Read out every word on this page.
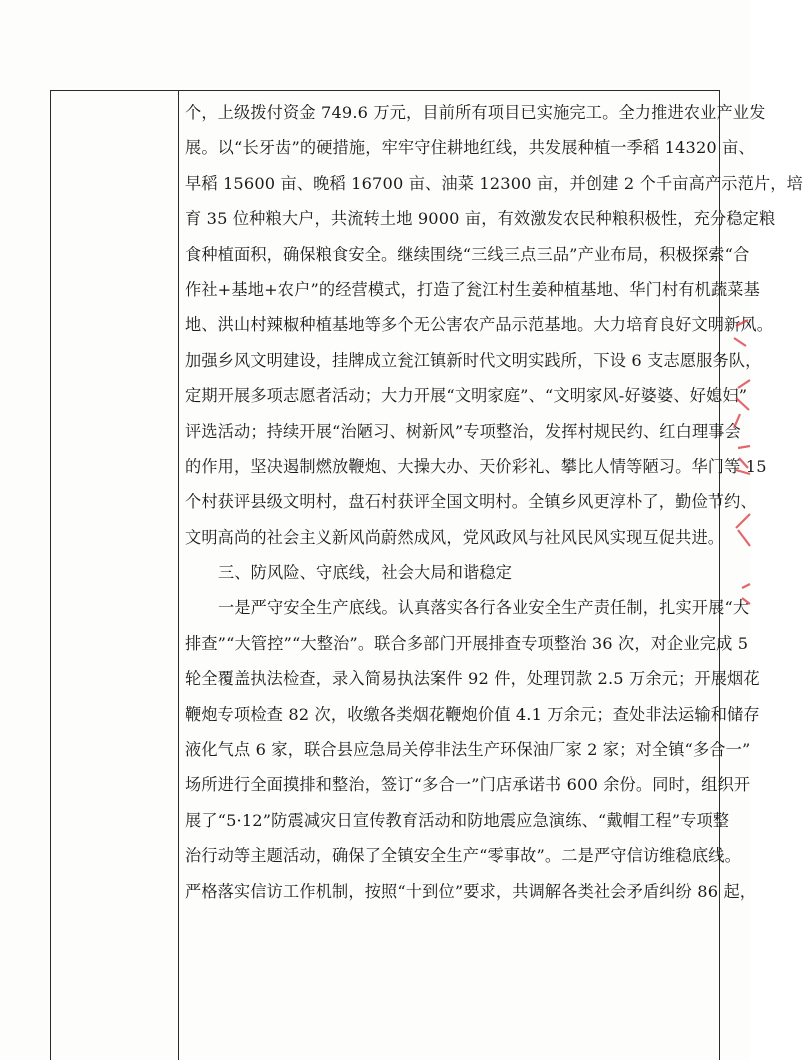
个，上级拨付资金 749.6 万元，目前所有项目已实施完工。全力推进农业产业发
展。以“长牙齿”的硬措施，牢牢守住耕地红线，共发展种植一季稻 14320 亩、
早稻 15600 亩、晚稻 16700 亩、油菜 12300 亩，并创建 2 个千亩高产示范片，培
育 35 位种粮大户，共流转土地 9000 亩，有效激发农民种粮积极性，充分稳定粮
食种植面积，确保粮食安全。继续围绕“三线三点三品”产业布局，积极探索“合
作社+基地+农户”的经营模式，打造了瓮江村生姜种植基地、华门村有机蔬菜基
地、洪山村辣椒种植基地等多个无公害农产品示范基地。大力培育良好文明新风。
加强乡风文明建设，挂牌成立瓮江镇新时代文明实践所，下设 6 支志愿服务队，
定期开展多项志愿者活动；大力开展“文明家庭”、“文明家风-好婆婆、好媳妇”
评选活动；持续开展“治陋习、树新风”专项整治，发挥村规民约、红白理事会
的作用，坚决遏制燃放鞭炮、大操大办、天价彩礼、攀比人情等陋习。华门等 15
个村获评县级文明村，盘石村获评全国文明村。全镇乡风更淳朴了，勤俭节约、
文明高尚的社会主义新风尚蔚然成风，党风政风与社风民风实现互促共进。
三、防风险、守底线，社会大局和谐稳定
一是严守安全生产底线。认真落实各行各业安全生产责任制，扎实开展“大
排查”“大管控”“大整治”。联合多部门开展排查专项整治 36 次，对企业完成 5
轮全覆盖执法检查，录入简易执法案件 92 件，处理罚款 2.5 万余元；开展烟花
鞭炮专项检查 82 次，收缴各类烟花鞭炮价值 4.1 万余元；查处非法运输和储存
液化气点 6 家，联合县应急局关停非法生产环保油厂家 2 家；对全镇“多合一”
场所进行全面摸排和整治，签订“多合一”门店承诺书 600 余份。同时，组织开
展了“5·12”防震减灾日宣传教育活动和防地震应急演练、“戴帽工程”专项整
治行动等主题活动，确保了全镇安全生产“零事故”。二是严守信访维稳底线。
严格落实信访工作机制，按照“十到位”要求，共调解各类社会矛盾纠纷 86 起，
